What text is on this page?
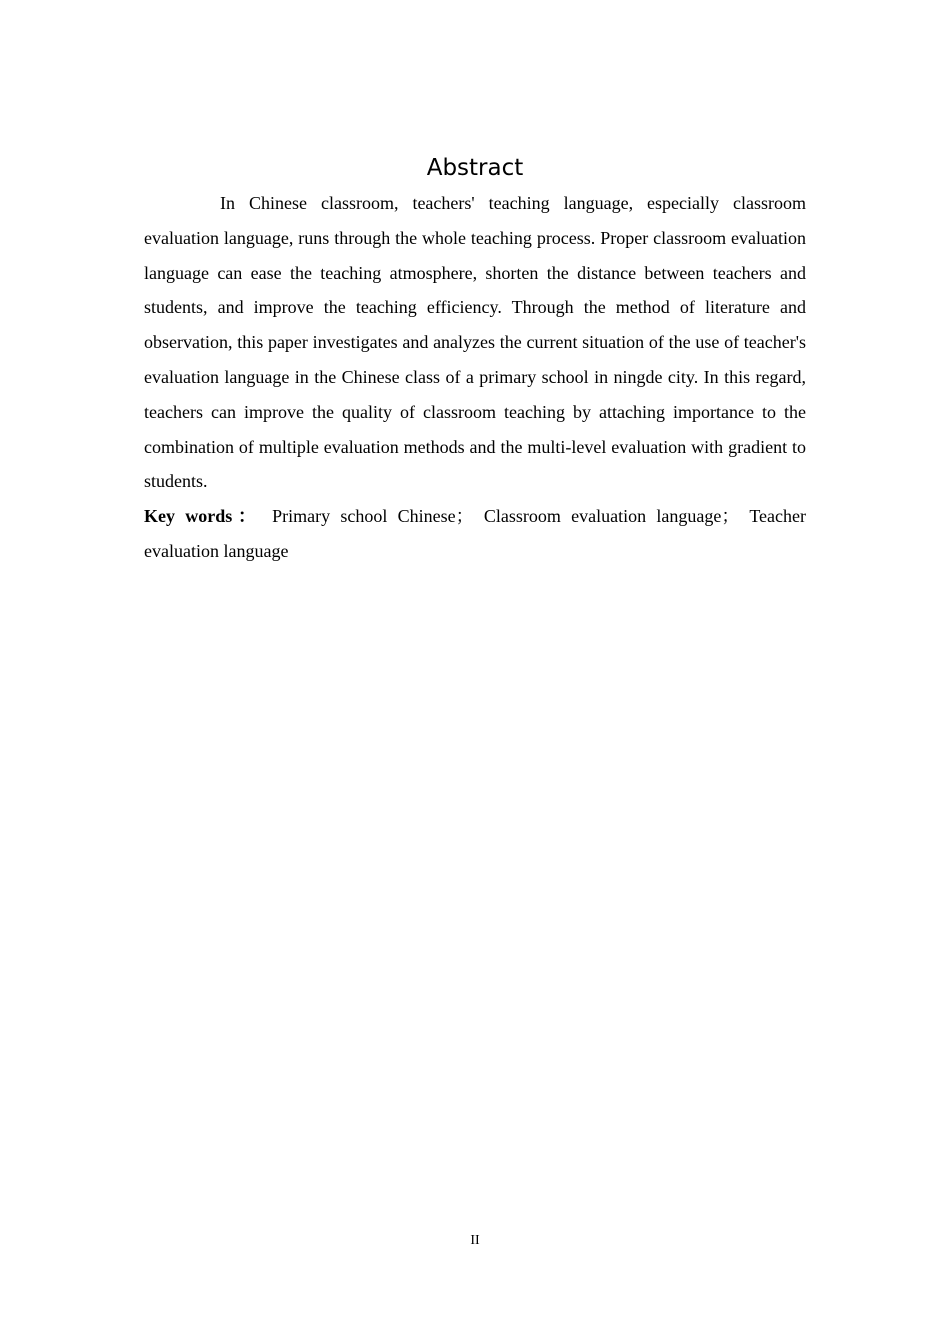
Abstract

In Chinese classroom, teachers' teaching language, especially classroom evaluation language, runs through the whole teaching process. Proper classroom evaluation language can ease the teaching atmosphere, shorten the distance between teachers and students, and improve the teaching efficiency. Through the method of literature and observation, this paper investigates and analyzes the current situation of the use of teacher's evaluation language in the Chinese class of a primary school in ningde city. In this regard, teachers can improve the quality of classroom teaching by attaching importance to the combination of multiple evaluation methods and the multi-level evaluation with gradient to students.

Key words： Primary school Chinese； Classroom evaluation language； Teacher evaluation language

II
